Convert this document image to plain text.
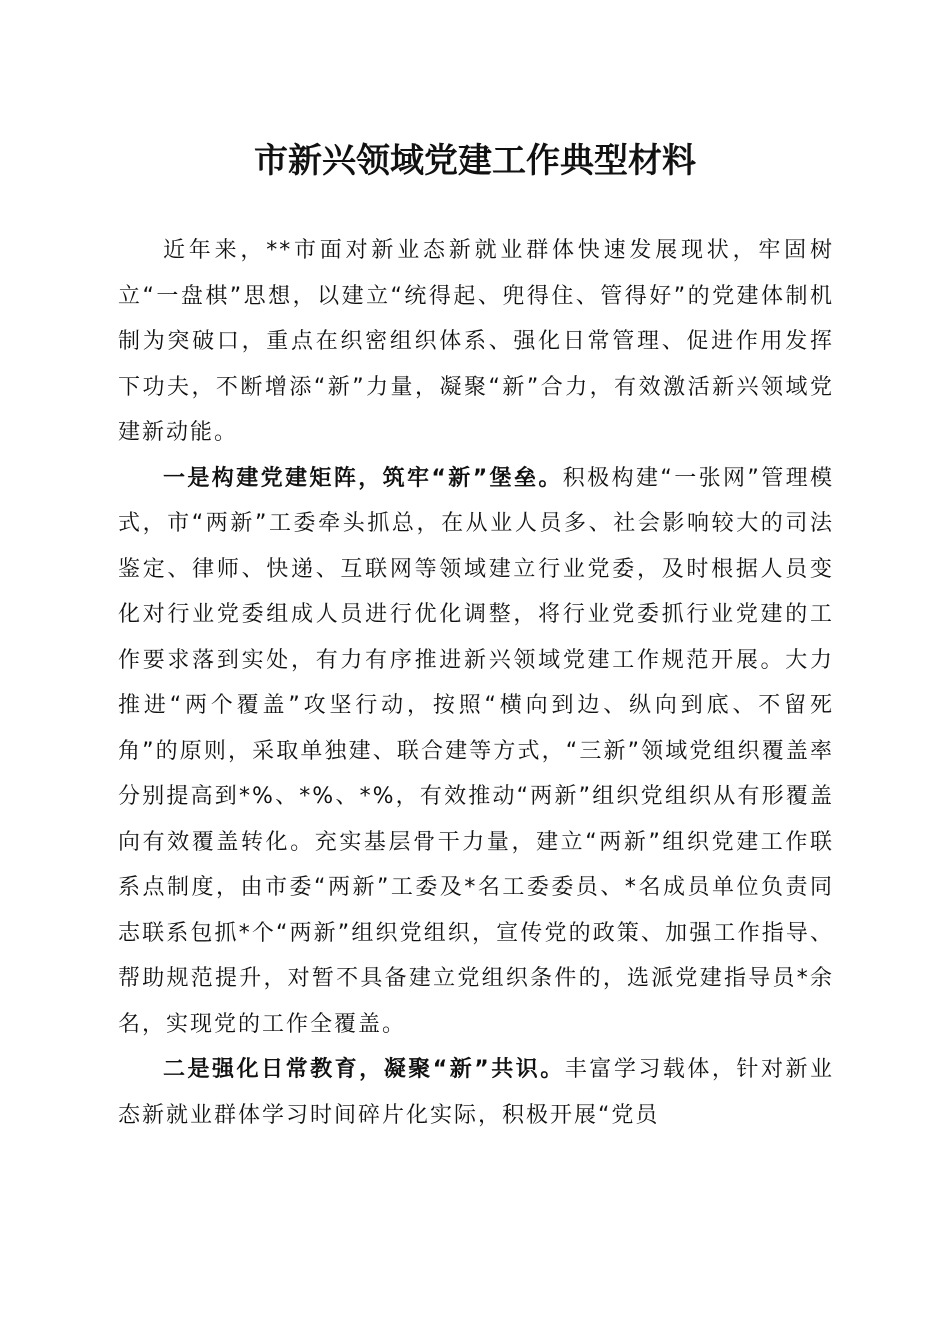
市新兴领域党建工作典型材料

近年来，**市面对新业态新就业群体快速发展现状，牢固树立“一盘棋”思想，以建立“统得起、兜得住、管得好”的党建体制机制为突破口，重点在织密组织体系、强化日常管理、促进作用发挥下功夫，不断增添“新”力量，凝聚“新”合力，有效激活新兴领域党建新动能。

一是构建党建矩阵，筑牢“新”堡垒。积极构建“一张网”管理模式，市“两新”工委牵头抓总，在从业人员多、社会影响较大的司法鉴定、律师、快递、互联网等领域建立行业党委，及时根据人员变化对行业党委组成人员进行优化调整，将行业党委抓行业党建的工作要求落到实处，有力有序推进新兴领域党建工作规范开展。大力推进“两个覆盖”攻坚行动，按照“横向到边、纵向到底、不留死角”的原则，采取单独建、联合建等方式，“三新”领域党组织覆盖率分别提高到*%、*%、*%，有效推动“两新”组织党组织从有形覆盖向有效覆盖转化。充实基层骨干力量，建立“两新”组织党建工作联系点制度，由市委“两新”工委及*名工委委员、*名成员单位负责同志联系包抓*个“两新”组织党组织，宣传党的政策、加强工作指导、帮助规范提升，对暂不具备建立党组织条件的，选派党建指导员*余名，实现党的工作全覆盖。

二是强化日常教育，凝聚“新”共识。丰富学习载体，针对新业态新就业群体学习时间碎片化实际，积极开展“党员
